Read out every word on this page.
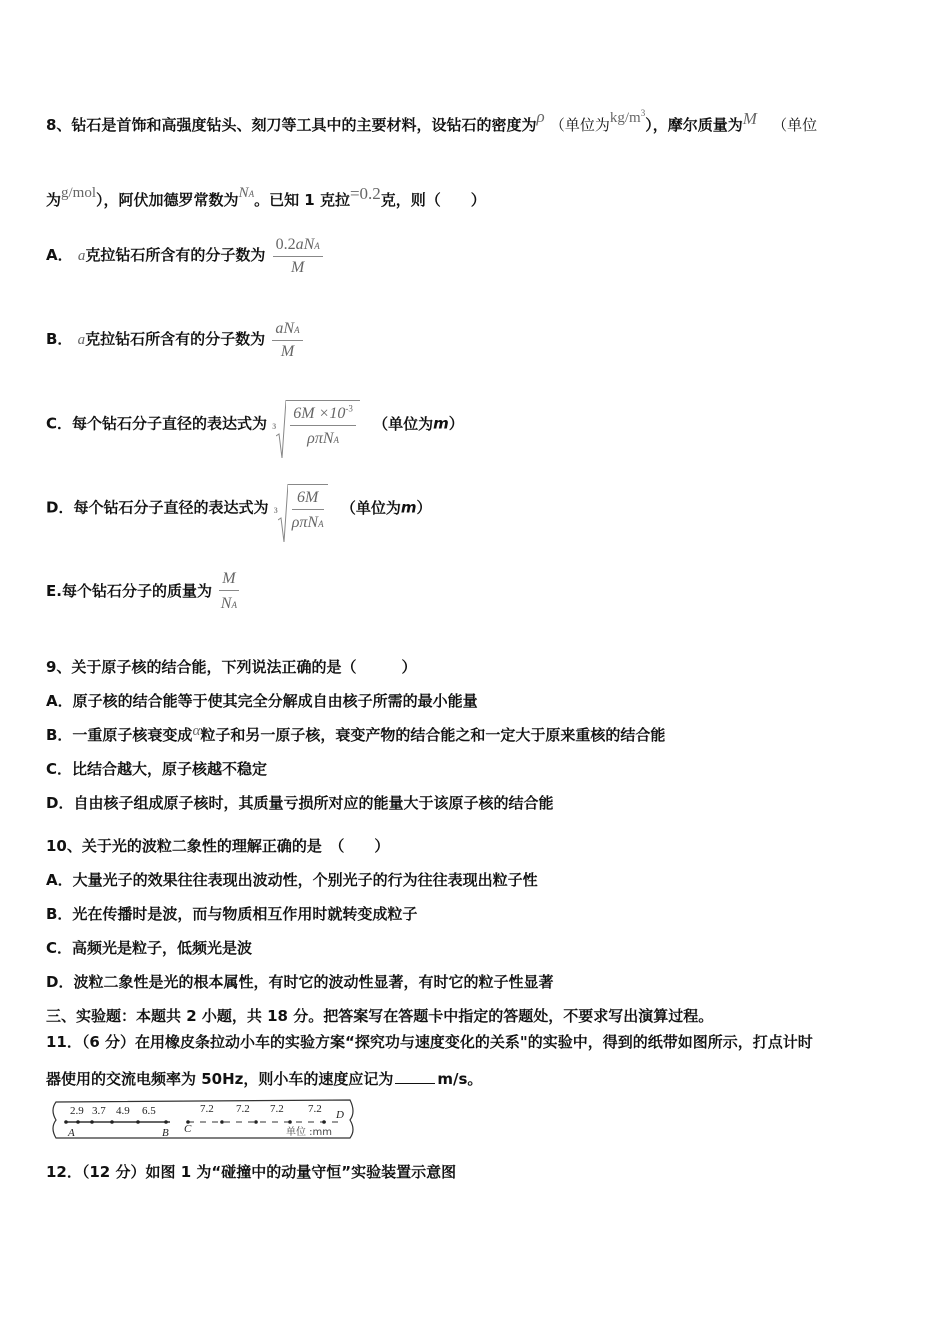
8、钻石是首饰和高强度钻头、刻刀等工具中的主要材料，设钻石的密度为ρ （单位为$kg/m^3$），摩尔质量为M （单位
为g/mol），阿伏加德罗常数为NA。已知 1 克拉=0.2克，则（　　）
A． a克拉钻石所含有的分子数为 $\frac{\text{0.2aNA}}{M}$
B． a克拉钻石所含有的分子数为 $\frac{\text{aNA}}{M}$
C．每个钻石分子直径的表达式为 $3 \frac{6M \times 10^{-3}}{\text{ρπNA}}$ （单位为m）
D．每个钻石分子直径的表达式为 $3 \frac{6M}{\text{ρπNA}}$ （单位为m）
E.每个钻石分子的质量为 $\frac{M}{NA}$
9、关于原子核的结合能，下列说法正确的是（　　　）
A．原子核的结合能等于使其完全分解成自由核子所需的最小能量
B．一重原子核衰变成α粒子和另一原子核，衰变产物的结合能之和一定大于原来重核的结合能
C．比结合越大，原子核越不稳定
D．自由核子组成原子核时，其质量亏损所对应的能量大于该原子核的结合能
10、关于光的波粒二象性的理解正确的是　（　　）
A．大量光子的效果往往表现出波动性，个别光子的行为往往表现出粒子性
B．光在传播时是波，而与物质相互作用时就转变成粒子
C．高频光是粒子，低频光是波
D．波粒二象性是光的根本属性，有时它的波动性显著，有时它的粒子性显著
三、实验题：本题共 2 小题，共 18 分。把答案写在答题卡中指定的答题处，不要求写出演算过程。
11．（6 分）在用橡皮条拉动小车的实验方案“探究功与速度变化的关系"的实验中，得到的纸带如图所示，打点计时
器使用的交流电频率为 50Hz，则小车的速度应记为	m/s。
2.9 3.7 4.9 6.5	7.2 7.2 7.2 7.2
A	B C
D
单位 :mm
12．（12 分）如图 1 为“碰撞中的动量守恒”实验装置示意图
